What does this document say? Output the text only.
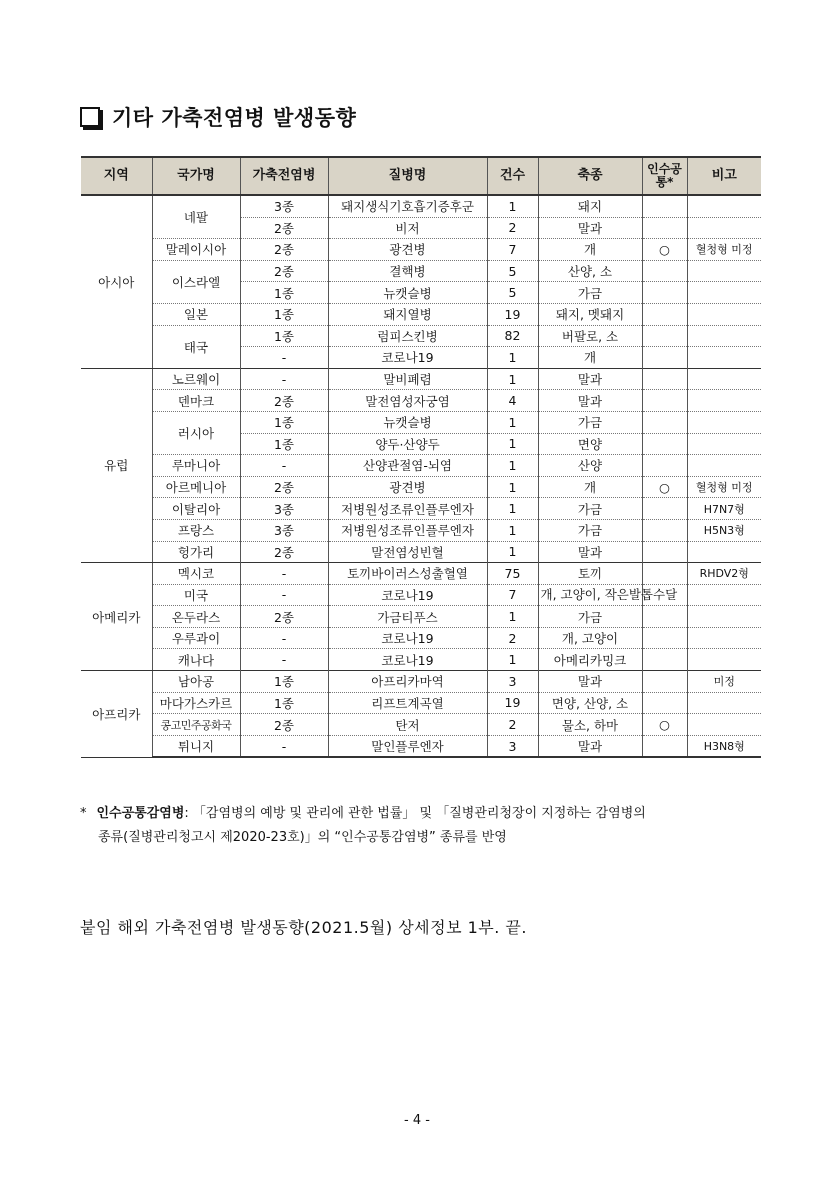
기타 가축전염병 발생동향
지역	국가명	가축전염병	질병명	건수	축종	인수공통*	비고
아시아	네팔	3종	돼지생식기호흡기증후군	1	돼지		
		2종	비저	2	말과		
	말레이시아	2종	광견병	7	개	○	혈청형 미정
	이스라엘	2종	결핵병	5	산양, 소		
		1종	뉴캣슬병	5	가금		
	일본	1종	돼지열병	19	돼지, 멧돼지		
	태국	1종	럼피스킨병	82	버팔로, 소		
		-	코로나19	1	개		
유럽	노르웨이	-	말비폐렴	1	말과		
	덴마크	2종	말전염성자궁염	4	말과		
	러시아	1종	뉴캣슬병	1	가금		
		1종	양두·산양두	1	면양		
	루마니아	-	산양관절염-뇌염	1	산양		
	아르메니아	2종	광견병	1	개	○	혈청형 미정
	이탈리아	3종	저병원성조류인플루엔자	1	가금		H7N7형
	프랑스	3종	저병원성조류인플루엔자	1	가금		H5N3형
	헝가리	2종	말전염성빈혈	1	말과		
아메리카	멕시코	-	토끼바이러스성출혈열	75	토끼		RHDV2형
	미국	-	코로나19	7	개, 고양이, 작은발톱수달		
	온두라스	2종	가금티푸스	1	가금		
	우루과이	-	코로나19	2	개, 고양이		
	캐나다	-	코로나19	1	아메리카밍크		
아프리카	남아공	1종	아프리카마역	3	말과		미정
	마다가스카르	1종	리프트계곡열	19	면양, 산양, 소		
	콩고민주공화국	2종	탄저	2	물소, 하마	○	
	튀니지	-	말인플루엔자	3	말과		H3N8형
* 인수공통감염병: 「감염병의 예방 및 관리에 관한 법률」 및 「질병관리청장이 지정하는 감염병의
종류(질병관리청고시 제2020-23호)」의 “인수공통감염병” 종류를 반영
붙임 해외 가축전염병 발생동향(2021.5월) 상세정보 1부. 끝.
- 4 -
